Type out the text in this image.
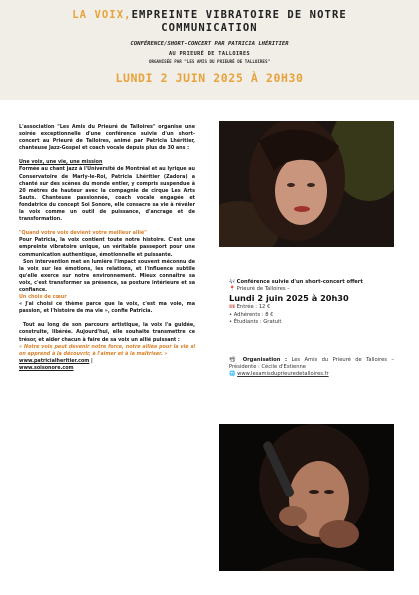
LA VOIX,EMPREINTE VIBRATOIRE DE NOTRE
COMMUNICATION
CONFÉRENCE/SHORT-CONCERT PAR PATRICIA LHÉRITIER
AU PRIEURÉ DE TALLOIRES
ORGANISÉE PAR "LES AMIS DU PRIEURÉ DE TALLOIRES"
LUNDI 2 JUIN 2025 À 20H30

L'association "Les Amis du Prieuré de Talloires" organise une soirée exceptionnelle d'une conférence suivie d'un short-concert au Prieuré de Talloires, animé par Patricia Lhéritier, chanteuse Jazz-Gospel et coach vocale depuis plus de 30 ans :

Une voix, une vie, une mission

Formée au chant jazz à l'Université de Montréal et au lyrique au Conservatoire de Marly-le-Roi, Patricia Lhéritier (Zadora) a chanté sur des scènes du monde entier, y compris suspendue à 20 mètres de hauteur avec la compagnie de cirque Les Arts Sauts. Chanteuse passionnée, coach vocale engagée et fondatrice du concept Soi Sonore, elle consacre sa vie à révéler la voix comme un outil de puissance, d'ancrage et de transformation.

"Quand votre voix devient votre meilleur allié"

Pour Patricia, la voix contient toute notre histoire. C'est une empreinte vibratoire unique, un véritable passeport pour une communication authentique, émotionnelle et puissante.

Son intervention met en lumière l'impact souvent méconnu de la voix sur les émotions, les relations, et l'influence subtile qu'elle exerce sur notre environnement. Mieux connaître sa voix, c'est transformer sa présence, sa posture intérieure et sa confiance.

Un choix de cœur

« J'ai choisi ce thème parce que la voix, c'est ma voie, ma passion, et l'histoire de ma vie », confie Patricia.

Tout au long de son parcours artistique, la voix l'a guidée, construite, libérée. Aujourd'hui, elle souhaite transmettre ce trésor, et aider chacun à faire de sa voix un allié puissant :

« Notre voix peut devenir notre force, notre alliée pour la vie si on apprend à la découvrir, à l'aimer et à la maîtriser. »

www.patricialheritier.com |

www.soisonore.com

🎶 Conférence suivie d'un short-concert offert
📍 Prieuré de Talloires –
Lundi 2 juin 2025 à 20h30
🎟 Entrée : 12 €
• Adhérents : 8 €
• Étudiants : Gratuit
📽 Organisation : Les Amis du Prieuré de Talloires – Présidente : Cécile d'Estienne
🌐 www.lesamisduprieuredetalloires.fr
